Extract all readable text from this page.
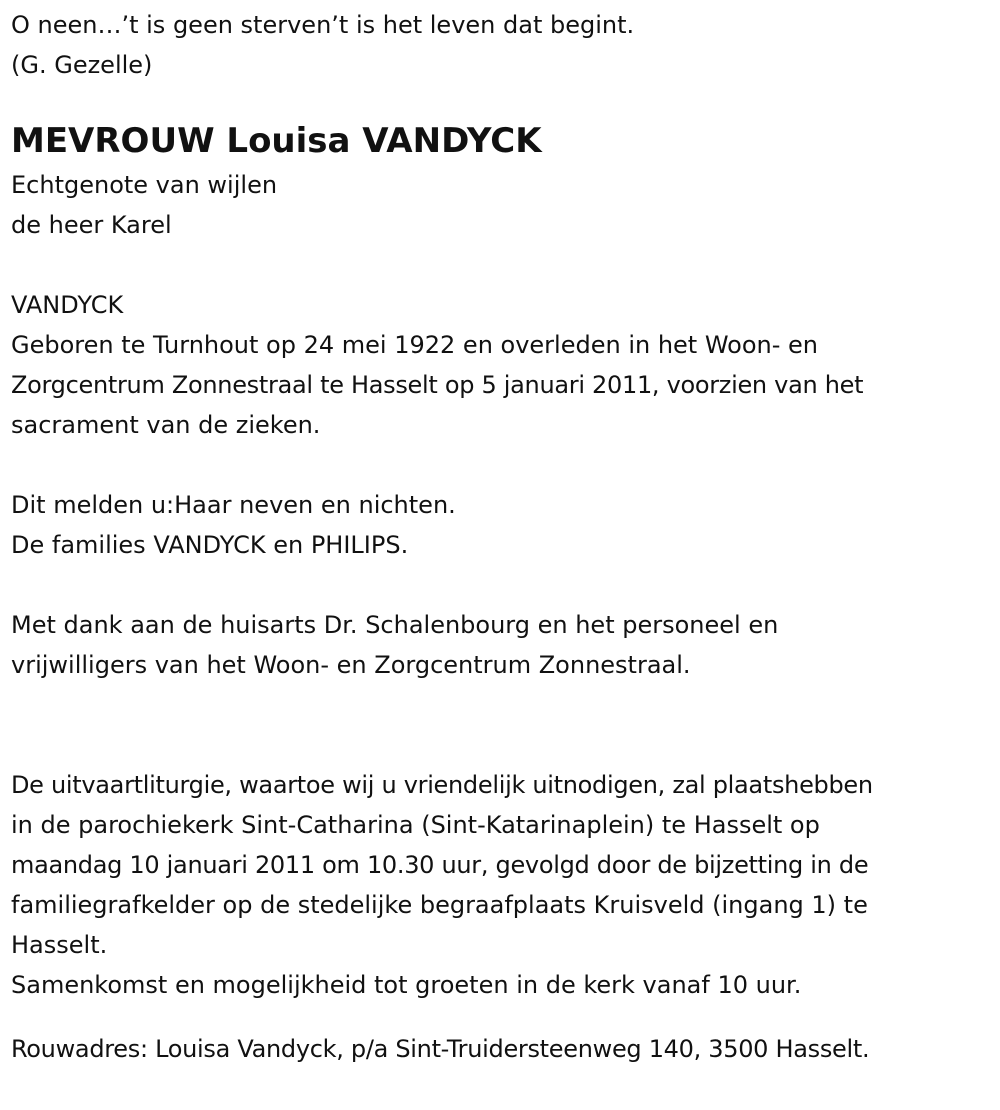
O neen…’t is geen sterven’t is het leven dat begint.
(G. Gezelle)
MEVROUW Louisa VANDYCK
Echtgenote van wijlen
de heer Karel
VANDYCK
Geboren te Turnhout op 24 mei 1922 en overleden in het Woon- en
Zorgcentrum Zonnestraal te Hasselt op 5 januari 2011, voorzien van het
sacrament van de zieken.
Dit melden u:Haar neven en nichten.
De families VANDYCK en PHILIPS.
Met dank aan de huisarts Dr. Schalenbourg en het personeel en
vrijwilligers van het Woon- en Zorgcentrum Zonnestraal.
De uitvaartliturgie, waartoe wij u vriendelijk uitnodigen, zal plaatshebben
in de parochiekerk Sint-Catharina (Sint-Katarinaplein) te Hasselt op
maandag 10 januari 2011 om 10.30 uur, gevolgd door de bijzetting in de
familiegrafkelder op de stedelijke begraafplaats Kruisveld (ingang 1) te
Hasselt.
Samenkomst en mogelijkheid tot groeten in de kerk vanaf 10 uur.
Rouwadres: Louisa Vandyck, p/a Sint-Truidersteenweg 140, 3500 Hasselt.
